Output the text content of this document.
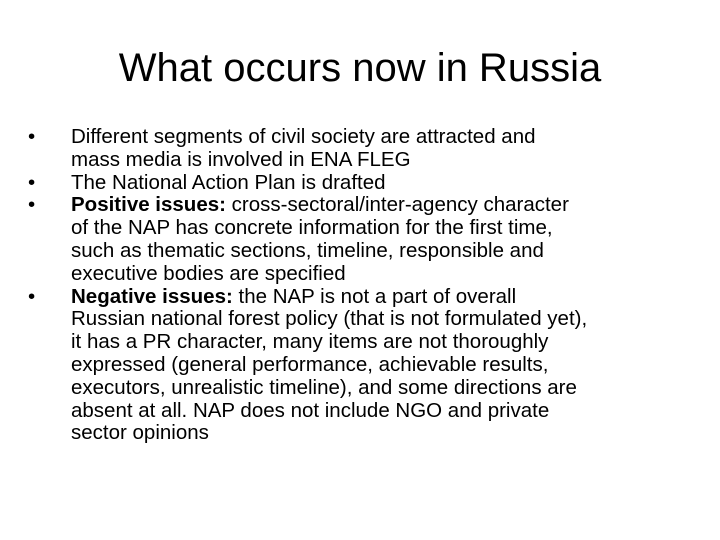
What occurs now in Russia
•	Different segments of civil society are attracted and
mass media is involved in ENA FLEG
•	The National Action Plan is drafted
•	Positive issues: cross-sectoral/inter-agency character
of the NAP has concrete information for the first time,
such as thematic sections, timeline, responsible and
executive bodies are specified
•	Negative issues: the NAP is not a part of overall
Russian national forest policy (that is not formulated yet),
it has a PR character, many items are not thoroughly
expressed (general performance, achievable results,
executors, unrealistic timeline), and some directions are
absent at all. NAP does not include NGO and private
sector opinions
